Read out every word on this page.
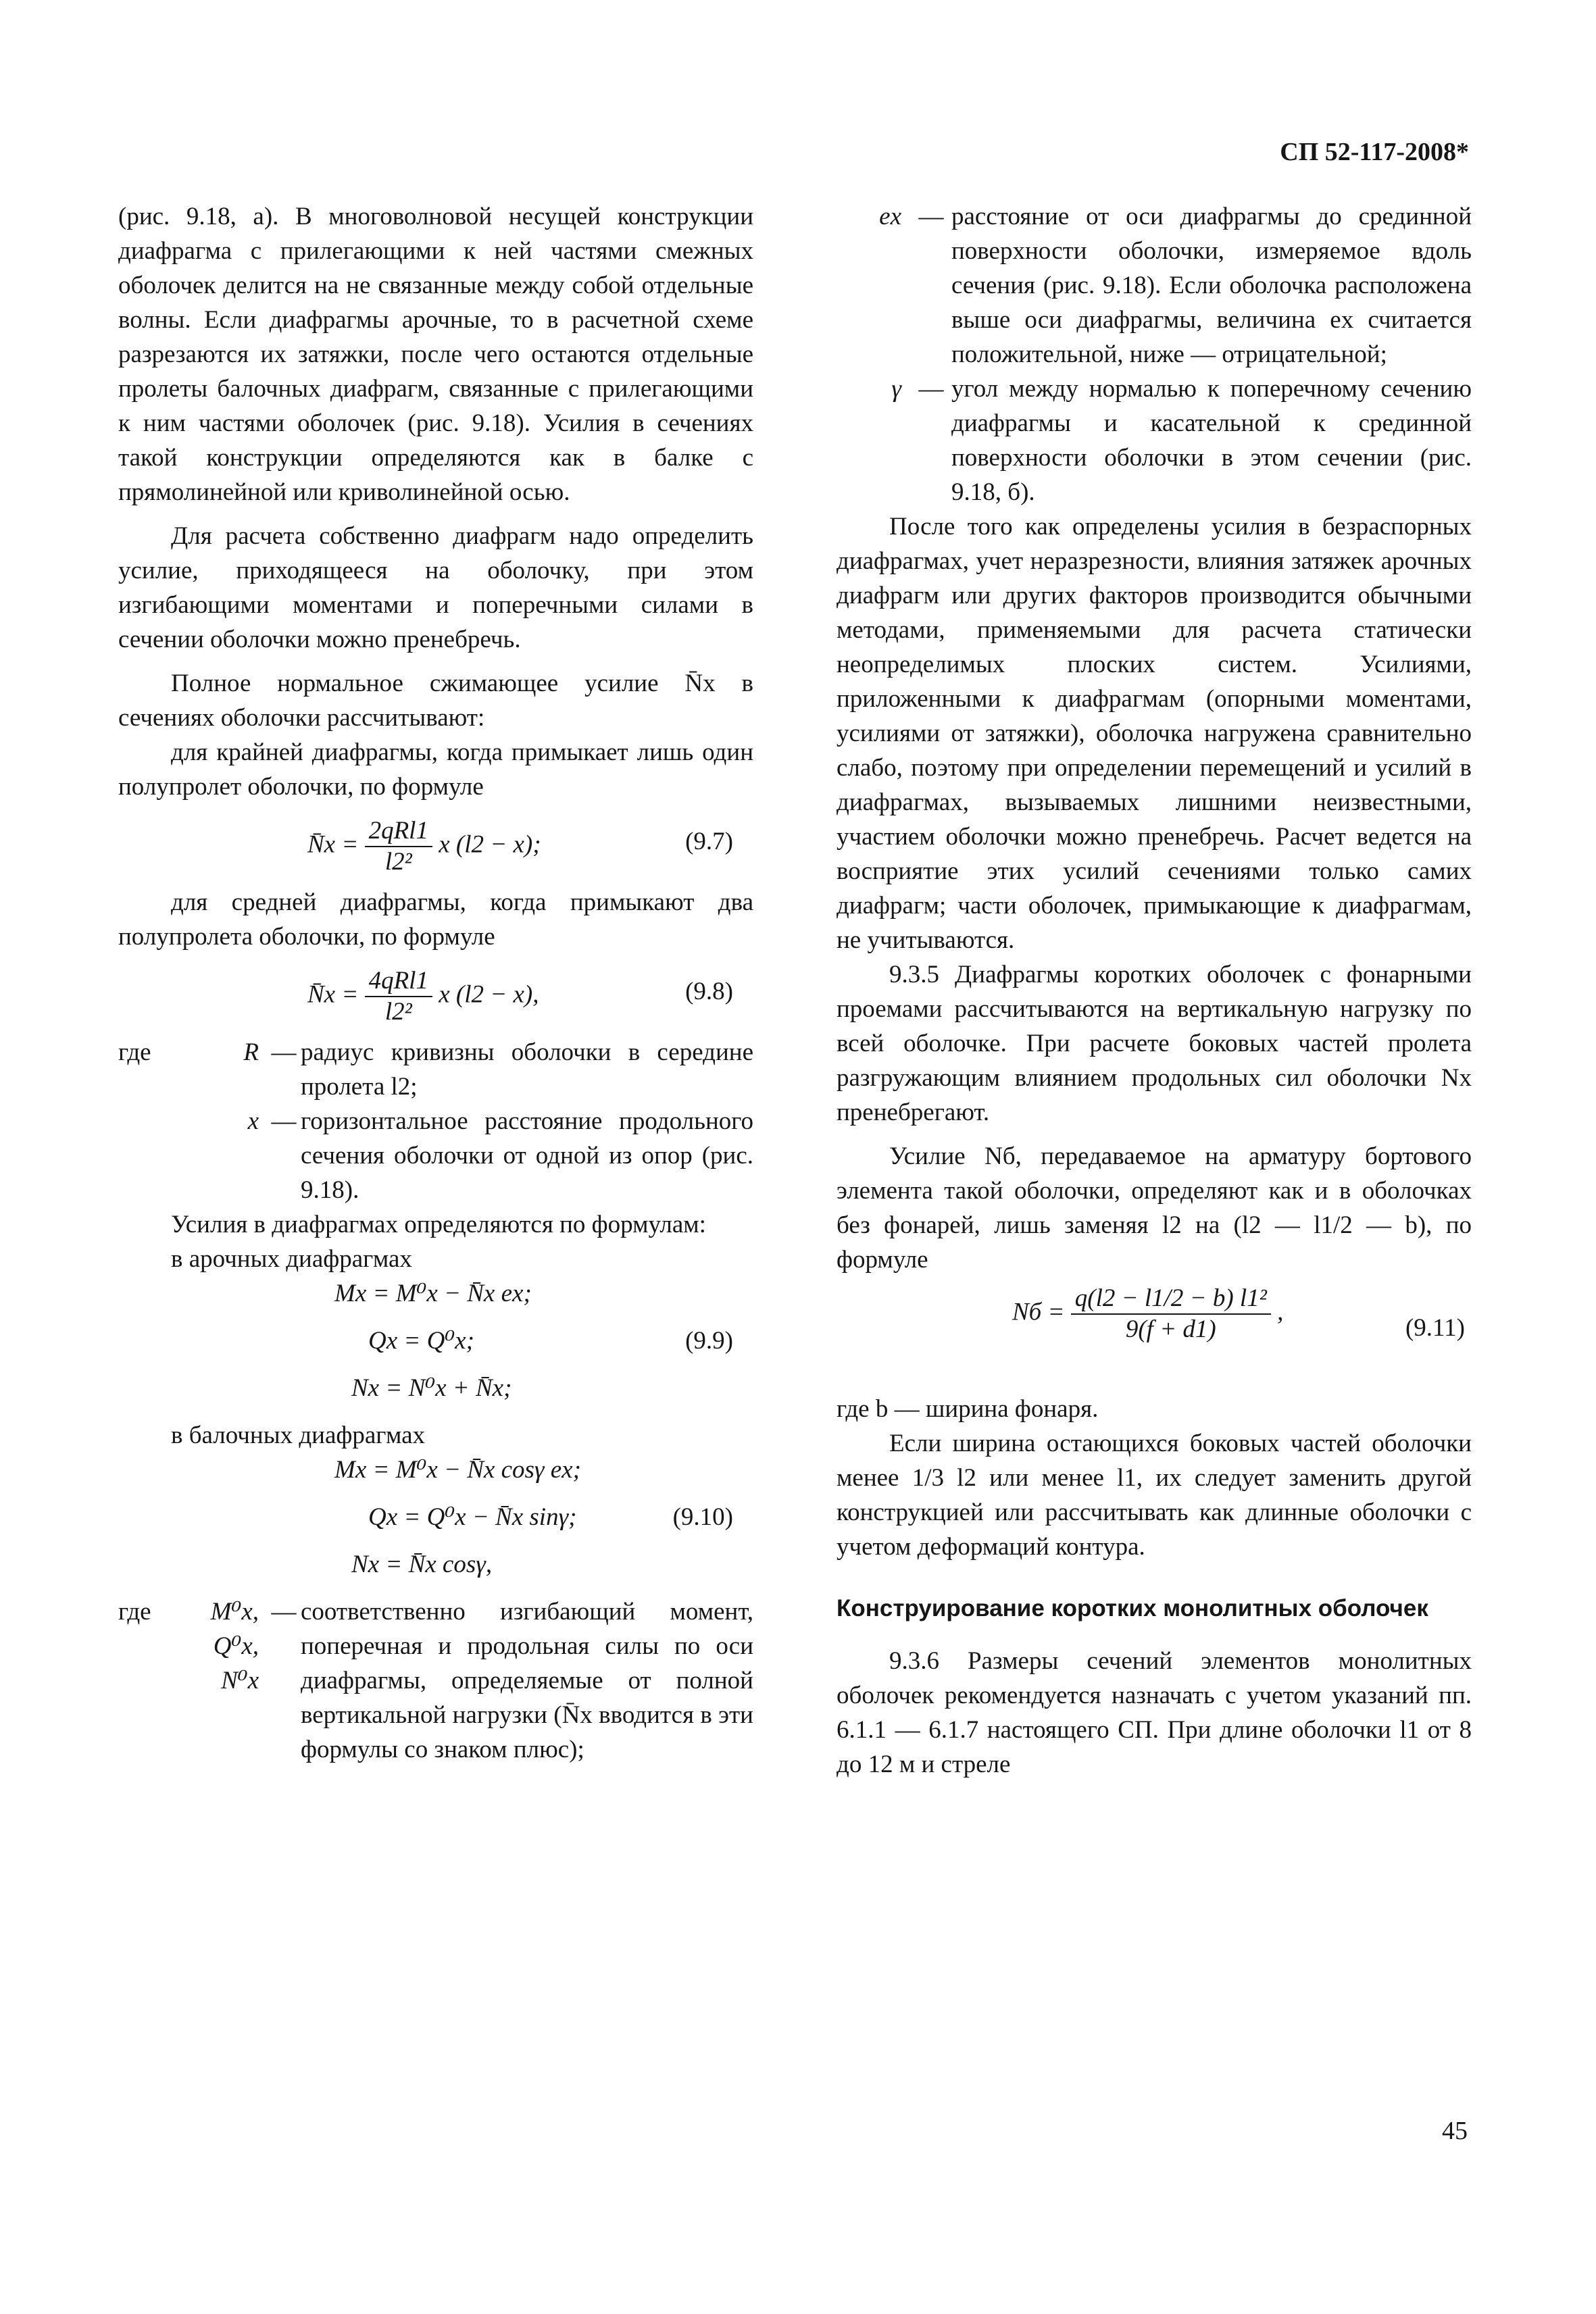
СП 52-117-2008*

(рис. 9.18, а). В многоволновой несущей конструкции диафрагма с прилегающими к ней частями смежных оболочек делится на не связанные между собой отдельные волны. Если диафрагмы арочные, то в расчетной схеме разрезаются их затяжки, после чего остаются отдельные пролеты балочных диафрагм, связанные с прилегающими к ним частями оболочек (рис. 9.18). Усилия в сечениях такой конструкции определяются как в балке с прямолинейной или криволинейной осью.

Для расчета собственно диафрагм надо определить усилие, приходящееся на оболочку, при этом изгибающими моментами и поперечными силами в сечении оболочки можно пренебречь.

Полное нормальное сжимающее усилие N̄x в сечениях оболочки рассчитывают:

для крайней диафрагмы, когда примыкает лишь один полупролет оболочки, по формуле

N̄x = $\frac{\text{2qRl1}}{\text{l2²}}$ x (l2 − x);	(9.7)

для средней диафрагмы, когда примыкают два полупролета оболочки, по формуле

N̄x = $\frac{\text{4qRl1}}{\text{l2²}}$ x (l2 − x),	(9.8)
где	R — радиус кривизны оболочки в середине пролета l2;
x — горизонтальное расстояние продольного сечения оболочки от одной из опор (рис. 9.18).

Усилия в диафрагмах определяются по формулам:

в арочных диафрагмах

Mx = M⁰x − N̄x ex;
Qx = Q⁰x;
Nx = N⁰x + N̄x;
(9.9)

в балочных диафрагмах

Mx = M⁰x − N̄x cosγ ex;
Qx = Q⁰x − N̄x sinγ;
Nx = N̄x cosγ,
(9.10)
где	M⁰x, Q⁰x, N⁰x
— соответственно изгибающий момент, поперечная и продольная силы по оси диафрагмы, определяемые от полной вертикальной нагрузки (N̄x вводится в эти формулы со знаком плюс);
ex — расстояние от оси диафрагмы до срединной поверхности оболочки, измеряемое вдоль сечения (рис. 9.18). Если оболочка расположена выше оси диафрагмы, величина ex считается положительной, ниже — отрицательной;
γ — угол между нормалью к поперечному сечению диафрагмы и касательной к срединной поверхности оболочки в этом сечении (рис. 9.18, б).

После того как определены усилия в безраспорных диафрагмах, учет неразрезности, влияния затяжек арочных диафрагм или других факторов производится обычными методами, применяемыми для расчета статически неопределимых плоских систем. Усилиями, приложенными к диафрагмам (опорными моментами, усилиями от затяжки), оболочка нагружена сравнительно слабо, поэтому при определении перемещений и усилий в диафрагмах, вызываемых лишними неизвестными, участием оболочки можно пренебречь. Расчет ведется на восприятие этих усилий сечениями только самих диафрагм; части оболочек, примыкающие к диафрагмам, не учитываются.

9.3.5 Диафрагмы коротких оболочек с фонарными проемами рассчитываются на вертикальную нагрузку по всей оболочке. При расчете боковых частей пролета разгружающим влиянием продольных сил оболочки Nx пренебрегают.

Усилие Nб, передаваемое на арматуру бортового элемента такой оболочки, определяют как и в оболочках без фонарей, лишь заменяя l2 на (l2 — l1/2 — b), по формуле

Nб = $\frac{\text{q(l2 − l1/2 − b) l1²}}{9(f + d1)}$ ,
(9.11)

где b — ширина фонаря.

Если ширина остающихся боковых частей оболочки менее 1/3 l2 или менее l1, их следует заменить другой конструкцией или рассчитывать как длинные оболочки с учетом деформаций контура.

Конструирование коротких монолитных оболочек

9.3.6 Размеры сечений элементов монолитных оболочек рекомендуется назначать с учетом указаний пп. 6.1.1 — 6.1.7 настоящего СП. При длине оболочки l1 от 8 до 12 м и стреле

45
